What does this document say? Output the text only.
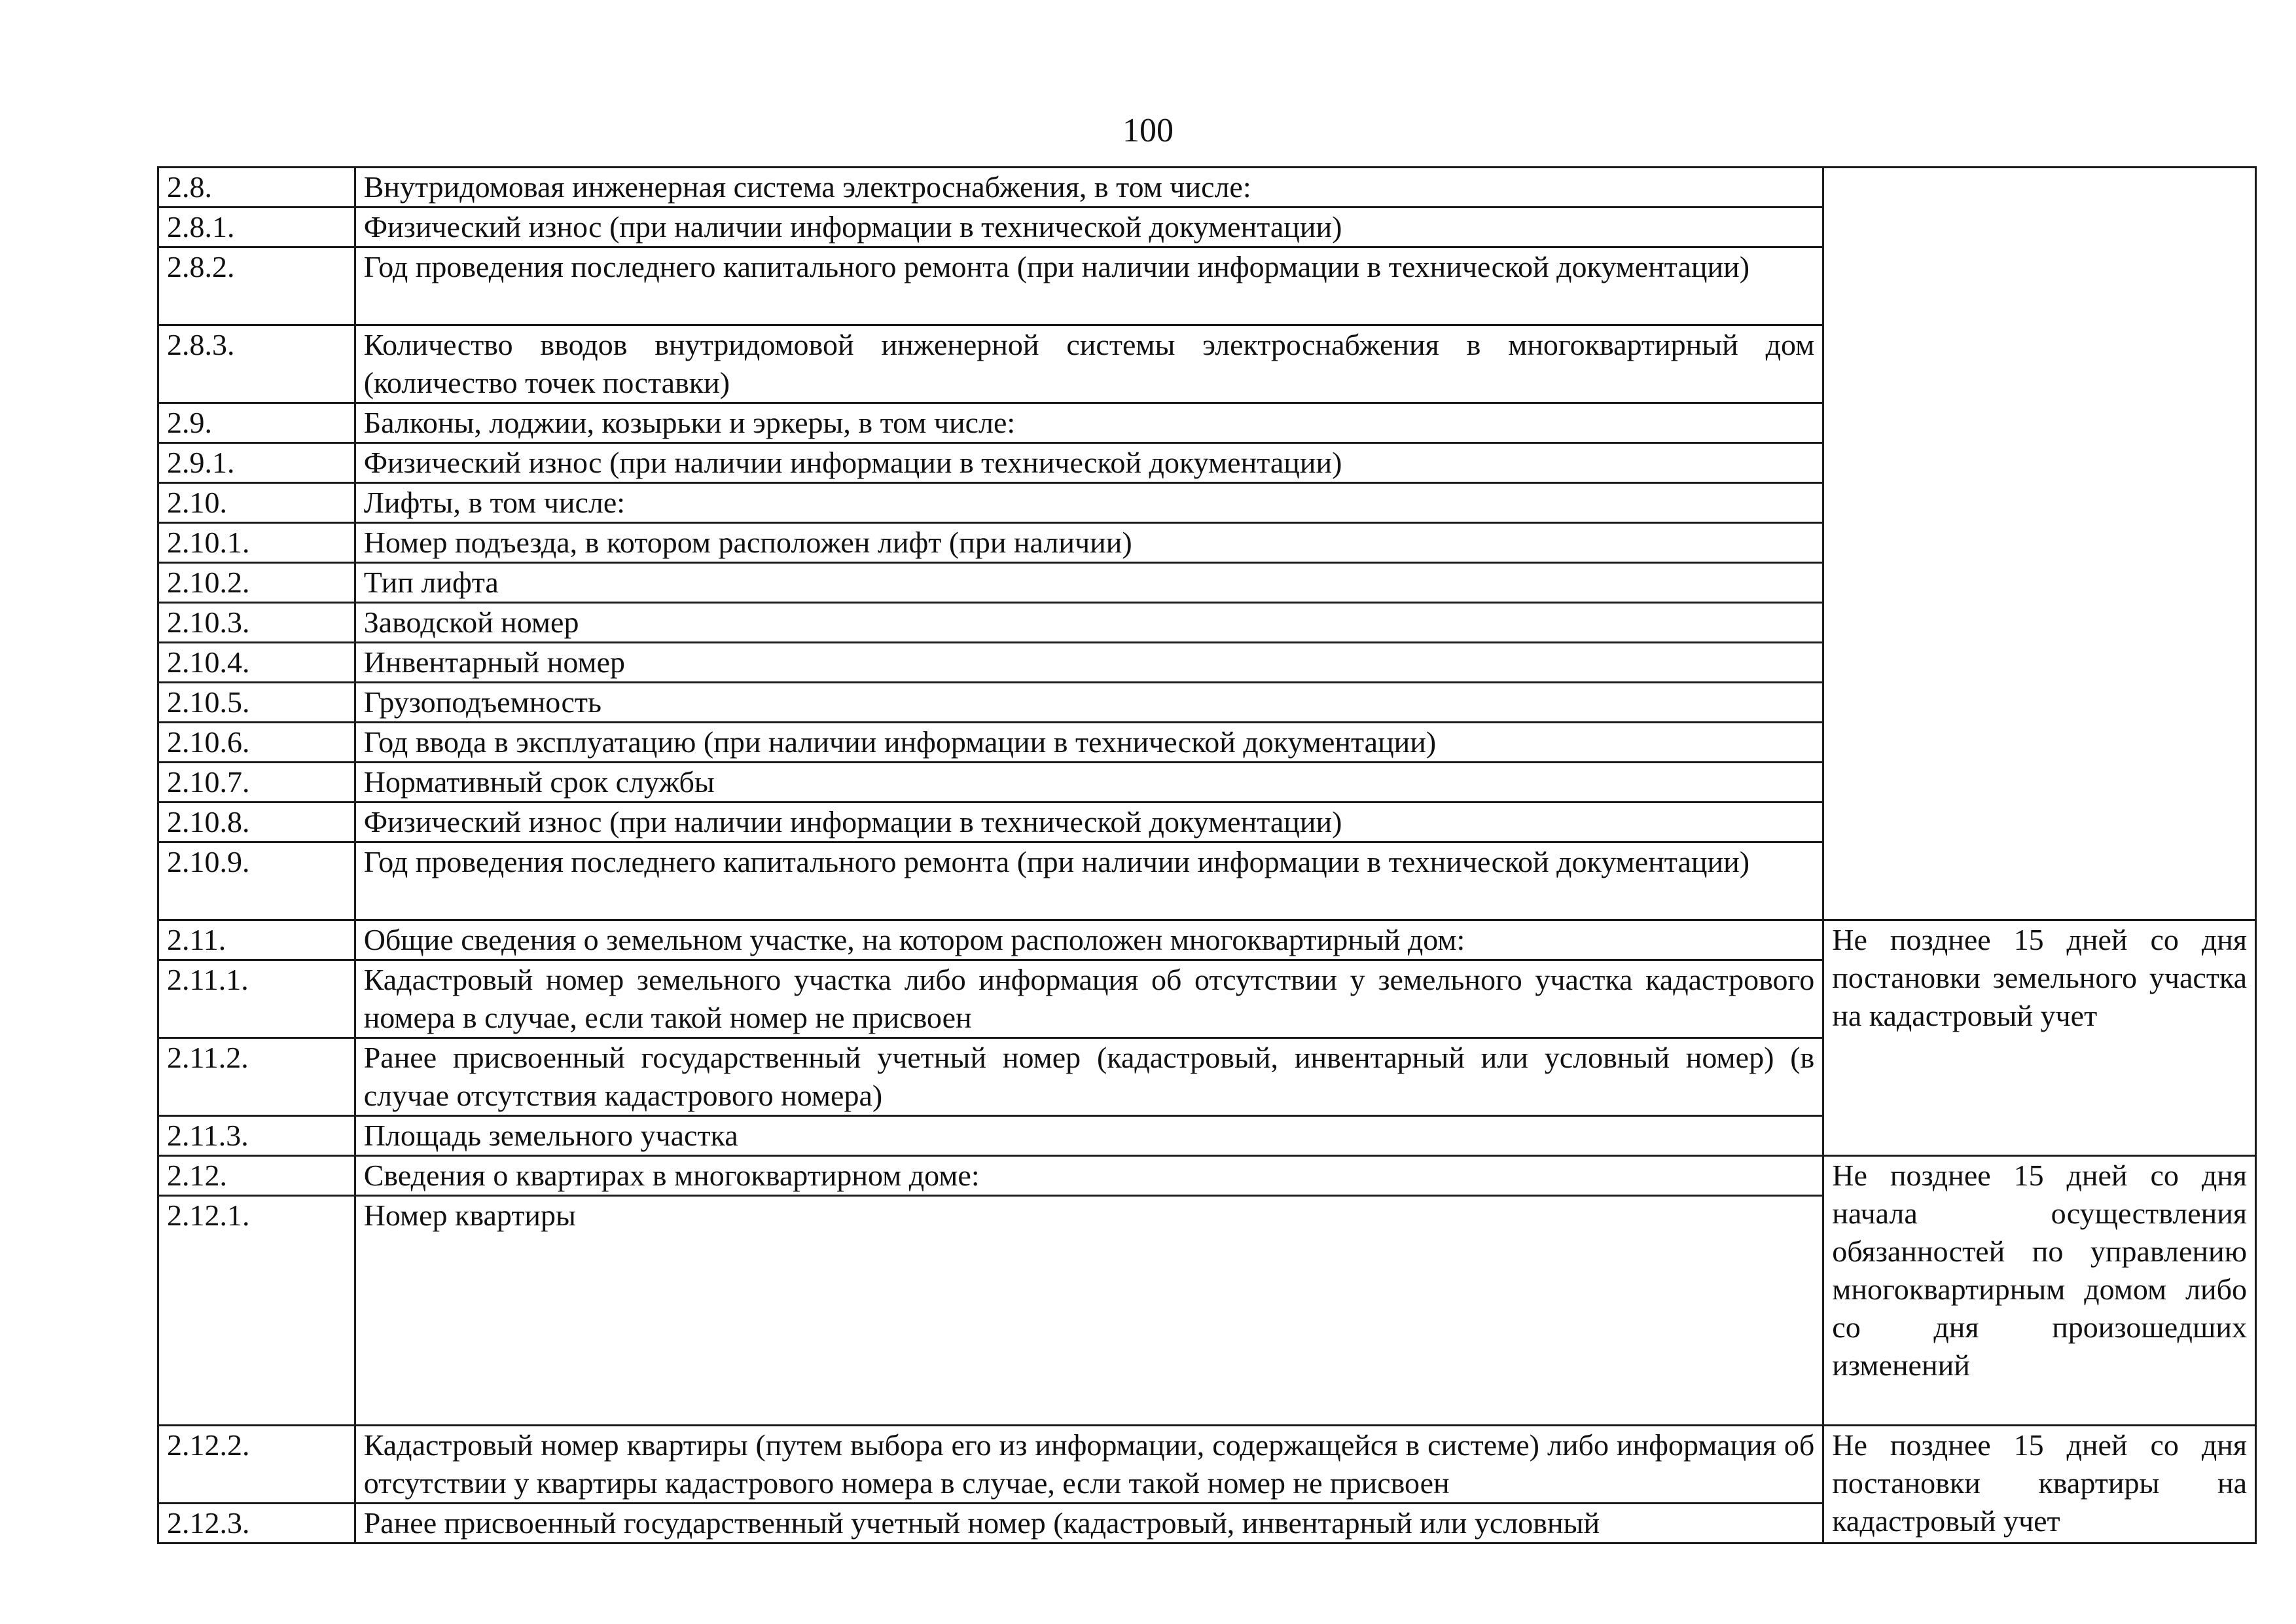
100
2.8.	Внутридомовая инженерная система электроснабжения, в том числе:	
2.8.1.	Физический износ (при наличии информации в технической документации)	
2.8.2.	Год проведения последнего капитального ремонта (при наличии информации в технической документации)	
2.8.3.	Количество вводов внутридомовой инженерной системы электроснабжения в многоквартирный дом (количество точек поставки)	
2.9.	Балконы, лоджии, козырьки и эркеры, в том числе:	
2.9.1.	Физический износ (при наличии информации в технической документации)	
2.10.	Лифты, в том числе:	
2.10.1.	Номер подъезда, в котором расположен лифт (при наличии)	
2.10.2.	Тип лифта	
2.10.3.	Заводской номер	
2.10.4.	Инвентарный номер	
2.10.5.	Грузоподъемность	
2.10.6.	Год ввода в эксплуатацию (при наличии информации в технической документации)	
2.10.7.	Нормативный срок службы	
2.10.8.	Физический износ (при наличии информации в технической документации)	
2.10.9.	Год проведения последнего капитального ремонта (при наличии информации в технической документации)	
2.11.	Общие сведения о земельном участке, на котором расположен многоквартирный дом:	Не позднее 15 дней со дня постановки земельного участка на кадастровый учет
2.11.1.	Кадастровый номер земельного участка либо информация об отсутствии у земельного участка кадастрового номера в случае, если такой номер не присвоен	
2.11.2.	Ранее присвоенный государственный учетный номер (кадастровый, инвентарный или условный номер) (в случае отсутствия кадастрового номера)	
2.11.3.	Площадь земельного участка	
2.12.	Сведения о квартирах в многоквартирном доме:	Не позднее 15 дней со дня начала осуществления обязанностей по управлению многоквартирным домом либо со дня произошедших изменений
2.12.1.	Номер квартиры	
2.12.2.	Кадастровый номер квартиры (путем выбора его из информации, содержащейся в системе) либо информация об отсутствии у квартиры кадастрового номера в случае, если такой номер не присвоен	Не позднее 15 дней со дня постановки квартиры на кадастровый учет
2.12.3.	Ранее присвоенный государственный учетный номер (кадастровый, инвентарный или условный	
